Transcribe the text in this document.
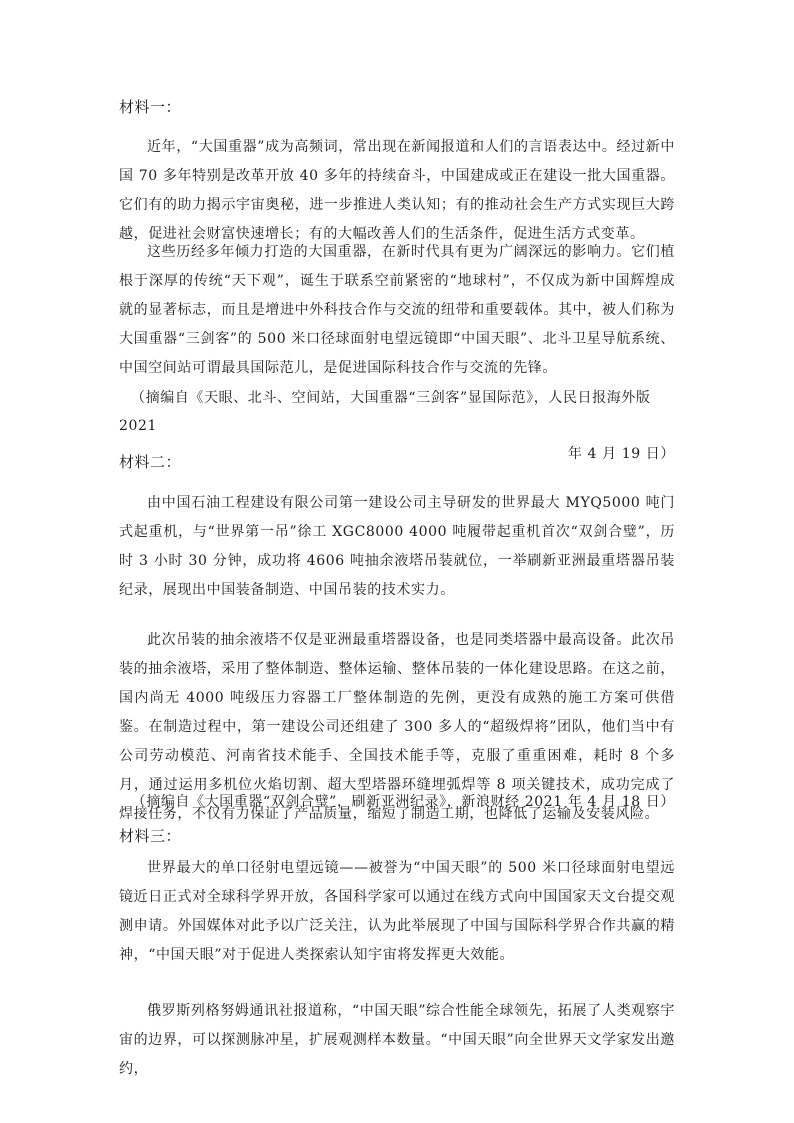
材料一：

近年，“大国重器”成为高频词，常出现在新闻报道和人们的言语表达中。经过新中国 70 多年特别是改革开放 40 多年的持续奋斗，中国建成或正在建设一批大国重器。它们有的助力揭示宇宙奥秘，进一步推进人类认知；有的推动社会生产方式实现巨大跨越，促进社会财富快速增长；有的大幅改善人们的生活条件，促进生活方式变革。

这些历经多年倾力打造的大国重器，在新时代具有更为广阔深远的影响力。它们植根于深厚的传统“天下观”，诞生于联系空前紧密的“地球村”，不仅成为新中国辉煌成就的显著标志，而且是增进中外科技合作与交流的纽带和重要载体。其中，被人们称为大国重器“三剑客”的 500 米口径球面射电望远镜即“中国天眼”、北斗卫星导航系统、中国空间站可谓最具国际范儿，是促进国际科技合作与交流的先锋。

（摘编自《天眼、北斗、空间站，大国重器“三剑客”显国际范》，人民日报海外版 2021
年 4 月 19 日）
材料二：

由中国石油工程建设有限公司第一建设公司主导研发的世界最大 MYQ5000 吨门式起重机，与“世界第一吊”徐工 XGC8000 4000 吨履带起重机首次“双剑合璧”，历时 3 小时 30 分钟，成功将 4606 吨抽余液塔吊装就位，一举刷新亚洲最重塔器吊装纪录，展现出中国装备制造、中国吊装的技术实力。

此次吊装的抽余液塔不仅是亚洲最重塔器设备，也是同类塔器中最高设备。此次吊装的抽余液塔，采用了整体制造、整体运输、整体吊装的一体化建设思路。在这之前，国内尚无 4000 吨级压力容器工厂整体制造的先例，更没有成熟的施工方案可供借鉴。在制造过程中，第一建设公司还组建了 300 多人的“超级焊将”团队，他们当中有公司劳动模范、河南省技术能手、全国技术能手等，克服了重重困难，耗时 8 个多月，通过运用多机位火焰切割、超大型塔器环缝埋弧焊等 8 项关键技术，成功完成了焊接任务，不仅有力保证了产品质量，缩短了制造工期，也降低了运输及安装风险。

（摘编自《大国重器“双剑合璧”，刷新亚洲纪录》，新浪财经 2021 年 4 月 18 日）

材料三：

世界最大的单口径射电望远镜——被誉为“中国天眼”的 500 米口径球面射电望远镜近日正式对全球科学界开放，各国科学家可以通过在线方式向中国国家天文台提交观测申请。外国媒体对此予以广泛关注，认为此举展现了中国与国际科学界合作共赢的精神，“中国天眼”对于促进人类探索认知宇宙将发挥更大效能。

俄罗斯列格努姆通讯社报道称，“中国天眼”综合性能全球领先，拓展了人类观察宇宙的边界，可以探测脉冲星，扩展观测样本数量。“中国天眼”向全世界天文学家发出邀约，
